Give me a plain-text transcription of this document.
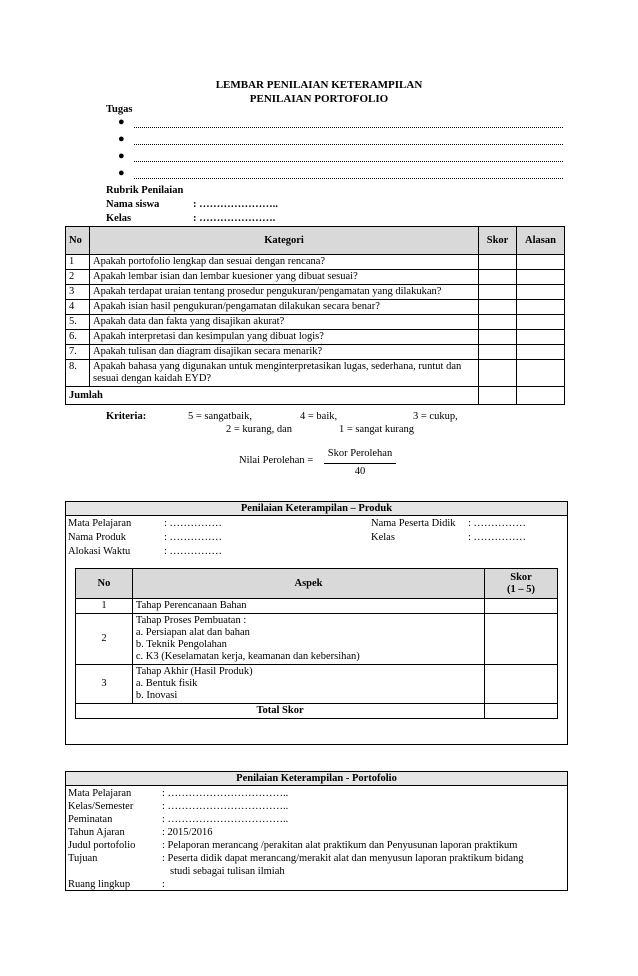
LEMBAR PENILAIAN KETERAMPILAN
PENILAIAN PORTOFOLIO
Tugas
●
●
●
●
Rubrik Penilaian
Nama siswa	: …………………..
Kelas	: ………………….
No	Kategori	Skor	Alasan
1	Apakah portofolio lengkap dan sesuai dengan rencana?		
2	Apakah lembar isian dan lembar kuesioner yang dibuat sesuai?		
3	Apakah terdapat uraian tentang prosedur pengukuran/pengamatan yang dilakukan?		
4	Apakah isian hasil pengukuran/pengamatan dilakukan secara benar?		
5.	Apakah data dan fakta yang disajikan akurat?		
6.	Apakah interpretasi dan kesimpulan yang dibuat logis?		
7.	Apakah tulisan dan diagram disajikan secara menarik?		
8.	Apakah bahasa yang digunakan untuk menginterpretasikan lugas, sederhana, runtut dan sesuai dengan kaidah EYD?		
Jumlah			
Kriteria:	5 = sangatbaik,	4 = baik,	3 = cukup,
2 = kurang, dan	1 = sangat kurang
Nilai Perolehan =
Skor Perolehan
40
Penilaian Keterampilan – Produk
Mata Pelajaran	: ……………
Nama Produk	: ……………
Alokasi Waktu	: ……………
Nama Peserta Didik : ……………
Kelas	: ……………
No	Aspek	Skor
(1 – 5)

1	Tahap Perencanaan Bahan	
2	Tahap Proses Pembuatan :
a. Persiapan alat dan bahan
b. Teknik Pengolahan
c. K3 (Keselamatan kerja, keamanan dan kebersihan)	

3	Tahap Akhir (Hasil Produk)
a. Bentuk fisik
b. Inovasi	

Total Skor		
Penilaian Keterampilan - Portofolio
Mata Pelajaran	: ……………………………..
Kelas/Semester	: ……………………………..
Peminatan	: ……………………………..
Tahun Ajaran	: 2015/2016
Judul portofolio	: Pelaporan merancang /perakitan alat praktikum dan Penyusunan laporan praktikum
Tujuan	: Peserta didik dapat merancang/merakit alat dan menyusun laporan praktikum bidang
studi sebagai tulisan ilmiah
Ruang lingkup	:
